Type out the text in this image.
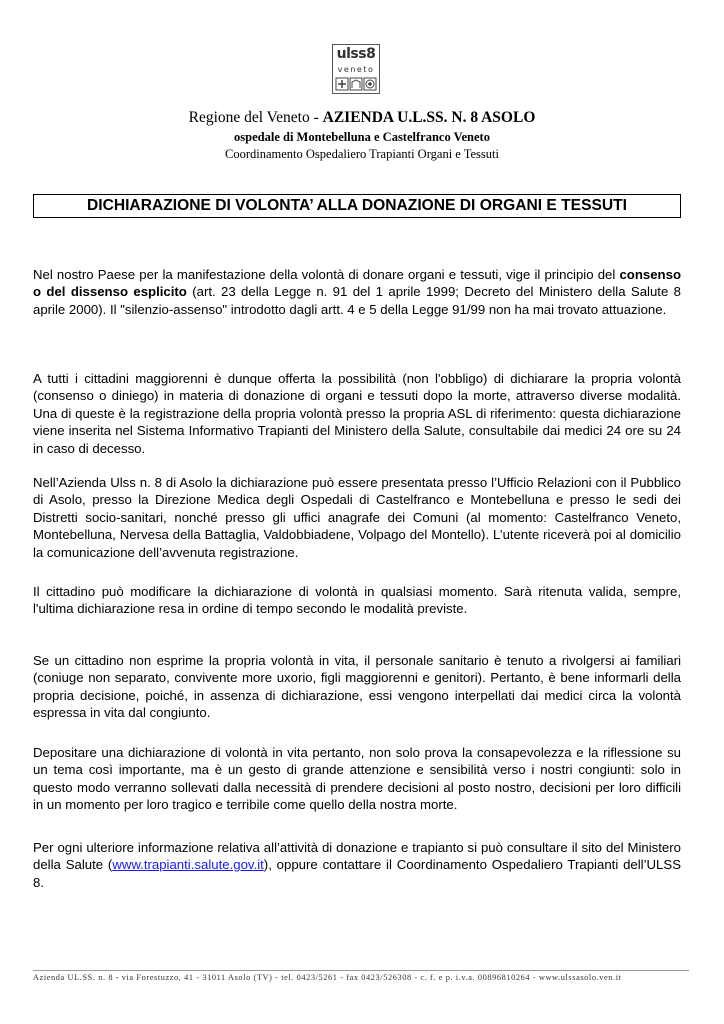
ulss8
veneto
Regione del Veneto - AZIENDA U.L.SS. N. 8 ASOLO
ospedale di Montebelluna e Castelfranco Veneto
Coordinamento Ospedaliero Trapianti Organi e Tessuti
DICHIARAZIONE DI VOLONTA’ ALLA DONAZIONE DI ORGANI E TESSUTI
Nel nostro Paese per la manifestazione della volontà di donare organi e tessuti, vige il principio del consenso o del dissenso esplicito (art. 23 della Legge n. 91 del 1 aprile 1999; Decreto del Ministero della Salute 8 aprile 2000). Il "silenzio-assenso" introdotto dagli artt. 4 e 5 della Legge 91/99 non ha mai trovato attuazione.
A tutti i cittadini maggiorenni è dunque offerta la possibilità (non l'obbligo) di dichiarare la propria volontà (consenso o diniego) in materia di donazione di organi e tessuti dopo la morte, attraverso diverse modalità. Una di queste è la registrazione della propria volontà presso la propria ASL di riferimento: questa dichiarazione viene inserita nel Sistema Informativo Trapianti del Ministero della Salute, consultabile dai medici 24 ore su 24 in caso di decesso.
Nell’Azienda Ulss n. 8 di Asolo la dichiarazione può essere presentata presso l’Ufficio Relazioni con il Pubblico di Asolo, presso la Direzione Medica degli Ospedali di Castelfranco e Montebelluna e presso le sedi dei Distretti socio-sanitari, nonché presso gli uffici anagrafe dei Comuni (al momento: Castelfranco Veneto, Montebelluna, Nervesa della Battaglia, Valdobbiadene, Volpago del Montello). L’utente riceverà poi al domicilio la comunicazione dell’avvenuta registrazione.
Il cittadino può modificare la dichiarazione di volontà in qualsiasi momento. Sarà ritenuta valida, sempre, l'ultima dichiarazione resa in ordine di tempo secondo le modalità previste.
Se un cittadino non esprime la propria volontà in vita, il personale sanitario è tenuto a rivolgersi ai familiari (coniuge non separato, convivente more uxorio, figli maggiorenni e genitori). Pertanto, è bene informarli della propria decisione, poiché, in assenza di dichiarazione, essi vengono interpellati dai medici circa la volontà espressa in vita dal congiunto.
Depositare una dichiarazione di volontà in vita pertanto, non solo prova la consapevolezza e la riflessione su un tema così importante, ma è un gesto di grande attenzione e sensibilità verso i nostri congiunti: solo in questo modo verranno sollevati dalla necessità di prendere decisioni al posto nostro, decisioni per loro difficili in un momento per loro tragico e terribile come quello della nostra morte.
Per ogni ulteriore informazione relativa all’attività di donazione e trapianto si può consultare il sito del Ministero della Salute (www.trapianti.salute.gov.it), oppure contattare il Coordinamento Ospedaliero Trapianti dell’ULSS 8.
Azienda UL.SS. n. 8 - via Forestuzzo, 41 - 31011 Asolo (TV) - tel. 0423/5261 - fax 0423/526308 - c. f. e p. i.v.a. 00896810264 - www.ulssasolo.ven.it
